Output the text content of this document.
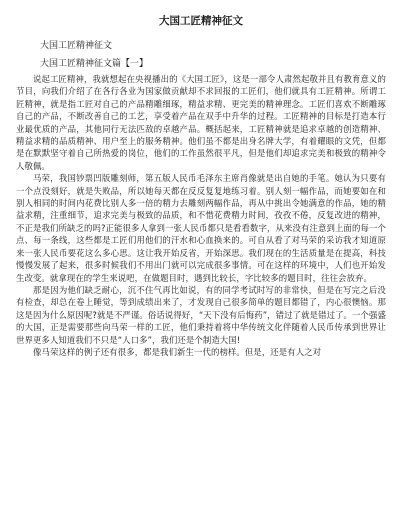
大国工匠精神征文
大国工匠精神征文
大国工匠精神征文篇【一】

说起工匠精神，我就想起在央视播出的《大国工匠》，这是一部令人肃然起敬并且有教育意义的节目，向我们介绍了在各行各业为国家做贡献却不求回报的工匠们，他们就具有工匠精神。所谓工匠精神，就是指工匠对自己的产品精雕细琢，精益求精、更完美的精神理念。工匠们喜欢不断雕琢自己的产品，不断改善自己的工艺，享受着产品在双手中升华的过程。工匠精神的目标是打造本行业最优质的产品，其他同行无法匹敌的卓越产品。概括起来，工匠精神就是追求卓越的创造精神、精益求精的品质精神、用户至上的服务精神。他们虽不都是出身名牌大学，有着耀眼的文凭，但都是在默默坚守着自己所热爱的岗位，他们的工作虽然很平凡，但是他们却追求完美和极致的精神令人敬佩。

马荣，我国钞票凹版雕刻师，第五版人民币毛泽东主席肖像就是出自她的手笔。她认为只要有一个点没刻好，就是失败品，所以她每天都在反反复复地练习着。别人刻一幅作品，而她要如在和别人相同的时间内花费比别人多一倍的精力去雕刻两幅作品，再从中挑出令她满意的作品，她的精益求精，注重细节，追求完美与极致的品质，和不惜花费精力时间，孜孜不倦，反复改进的精神，不正是我们所缺乏的吗?正能很多人拿到一张人民币都只是看看数字，从来没有注意到上面的每一个点、每一条线，这些都是工匠们用他们的汗水和心血换来的。可自从看了对马荣的采访我才知道原来一张人民币要花这么多心思。这让我开始反省，开始深思。我们现在的生活质量是在提高，科技慢慢发展了起来，很多时候我们不用出门就可以完成很多事情。可在这样的环境中，人们也开始发生改变。就拿现在的学生来说吧，在做题目时，遇到比较长，字比较多的题目时，往往会放弃。

那是因为他们缺乏耐心，沉不住气再比如说，有的同学考试时写的非常快，但是在写完之后没有检查，却总在卷上睡觉，等到成绩出来了，才发现自己很多简单的题目都错了，内心很懊恼。那这是因为什么原因呢?就是不严谨。俗话说得好，“天下没有后悔药”，错过了就是错过了。一个强盛的大国，正是需要那些向马荣一样的工匠，他们秉持着将中华传统文化伴随着人民币传承到世界让世界更多人知道我们不只是“人口多”，我们还是个制造大国!

像马荣这样的例子还有很多，都是我们新生一代的榜样。但是，还是有人之对
